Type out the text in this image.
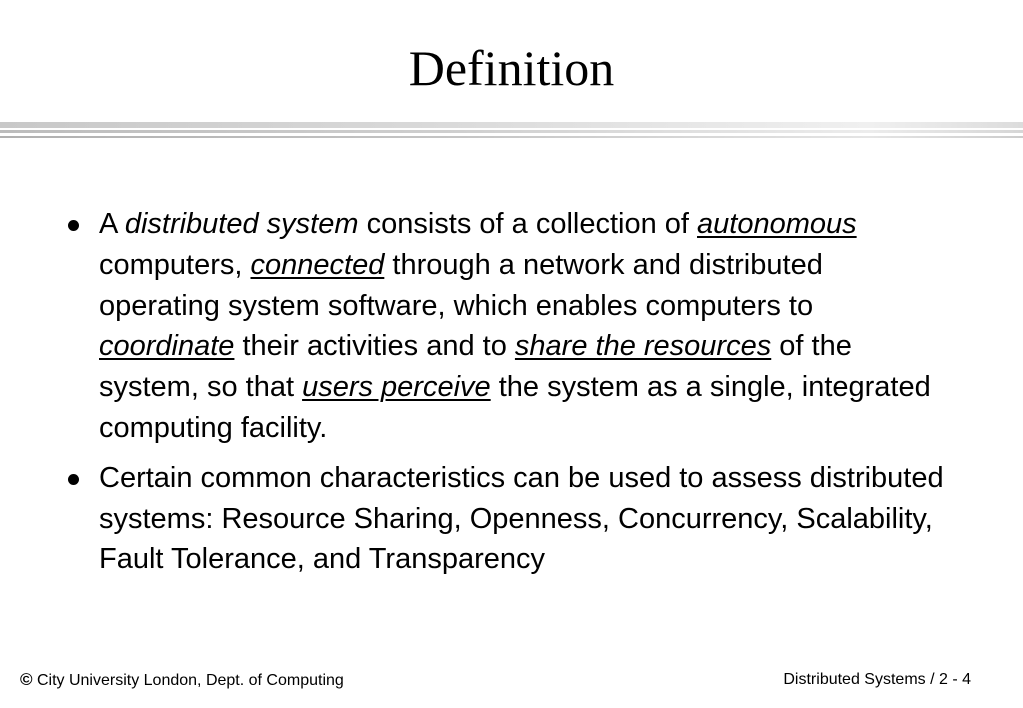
Definition
A distributed system consists of a collection of autonomous computers, connected through a network and distributed operating system software, which enables computers to coordinate their activities and to share the resources of the system, so that users perceive the system as a single, integrated computing facility.
Certain common characteristics can be used to assess distributed systems: Resource Sharing, Openness, Concurrency, Scalability, Fault Tolerance, and Transparency
© City University London, Dept. of Computing	Distributed Systems / 2 - 4
